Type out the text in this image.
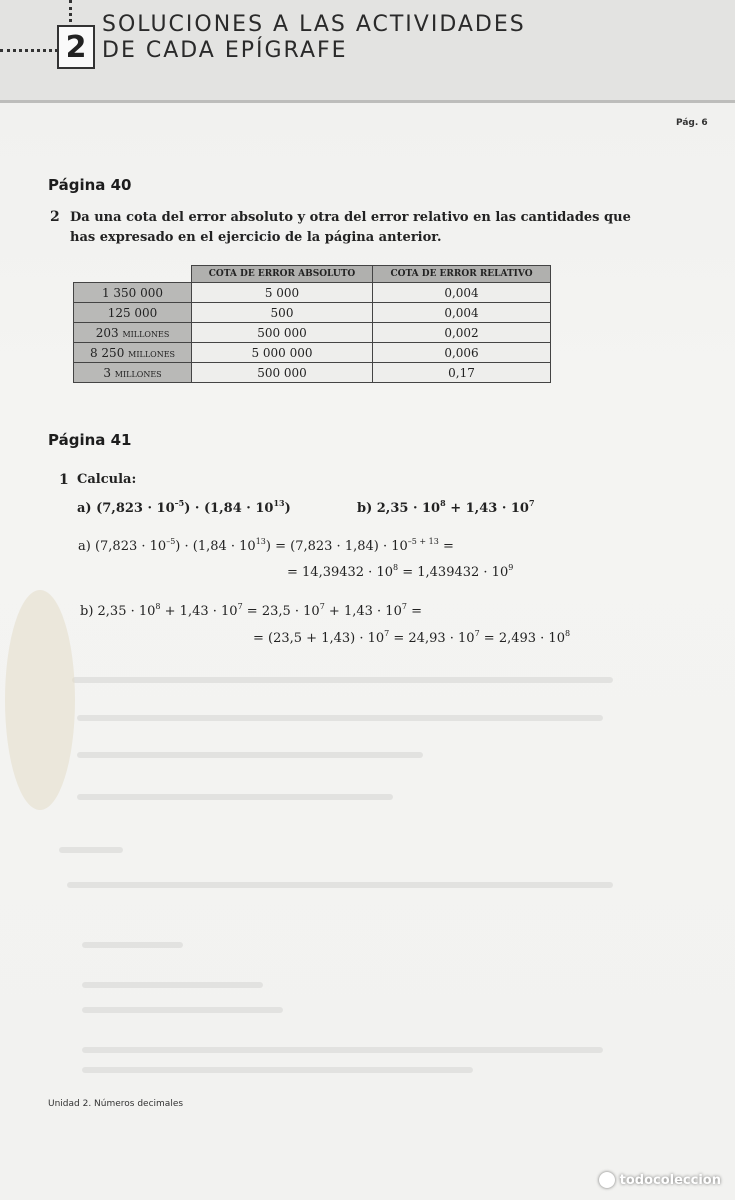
2
SOLUCIONES A LAS ACTIVIDADES
DE CADA EPÍGRAFE
Pág. 6
Página 40
2 Da una cota del error absoluto y otra del error relativo en las cantidades que
has expresado en el ejercicio de la página anterior.
	COTA DE ERROR ABSOLUTO	COTA DE ERROR RELATIVO
1 350 000	5 000	0,004
125 000	500	0,004
203 millones	500 000	0,002
8 250 millones	5 000 000	0,006
3 millones	500 000	0,17
Página 41
1 Calcula:
a) $(7,823 \cdot 10^{-5}) \cdot (1,84 \cdot 10^{13})$	b) $2,35 \cdot 10^8 + 1,43 \cdot 10^7$
a) $(7,823 \cdot 10^{-5}) \cdot (1,84 \cdot 10^{13}) = (7,823 \cdot 1,84) \cdot 10^{-5 + 13}$ =
= $14,39432 \cdot 10^8 = 1,439432 \cdot 10^9$
b) $2,35 \cdot 10^8 + 1,43 \cdot 10^7 = 23,5 \cdot 10^7 + 1,43 \cdot 10^7$ =
= $(23,5 + 1,43) \cdot 10^7 = 24,93 \cdot 10^7 = 2,493 \cdot 10^8$
Unidad 2. Números decimales
todocoleccion
